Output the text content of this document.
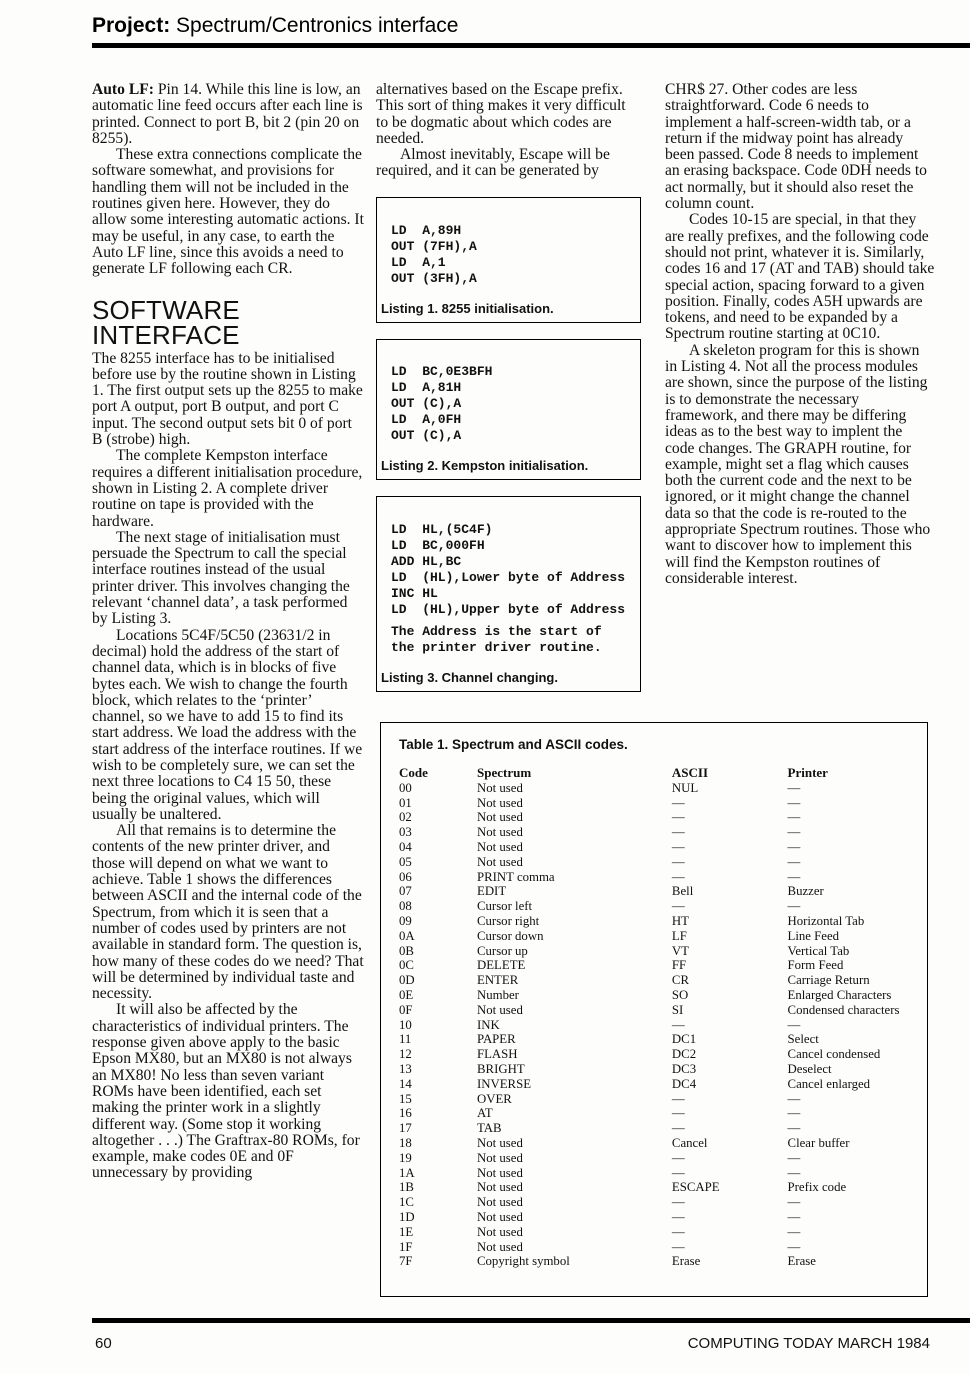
Project: Spectrum/Centronics interface

Auto LF: Pin 14. While this line is low, an automatic line feed occurs after each line is printed. Connect to port B, bit 2 (pin 20 on 8255).

These extra connections complicate the software somewhat, and provisions for handling them will not be included in the routines given here. However, they do allow some interesting automatic actions. It may be useful, in any case, to earth the Auto LF line, since this avoids a need to generate LF following each CR.

SOFTWARE
INTERFACE

The 8255 interface has to be initialised before use by the routine shown in Listing 1. The first output sets up the 8255 to make port A output, port B output, and port C input. The second output sets bit 0 of port B (strobe) high.

The complete Kempston interface requires a different initialisation procedure, shown in Listing 2. A complete driver routine on tape is provided with the hardware.

The next stage of initialisation must persuade the Spectrum to call the special interface routines instead of the usual printer driver. This involves changing the relevant ‘channel data’, a task performed by Listing 3.

Locations 5C4F/5C50 (23631/2 in decimal) hold the address of the start of channel data, which is in blocks of five bytes each. We wish to change the fourth block, which relates to the ‘printer’ channel, so we have to add 15 to find its start address. We load the address with the start address of the interface routines. If we wish to be completely sure, we can set the next three locations to C4 15 50, these being the original values, which will usually be unaltered.

All that remains is to determine the contents of the new printer driver, and those will depend on what we want to achieve. Table 1 shows the differences between ASCII and the internal code of the Spectrum, from which it is seen that a number of codes used by printers are not available in standard form. The question is, how many of these codes do we need? That will be determined by individual taste and necessity.

It will also be affected by the characteristics of individual printers. The response given above apply to the basic Epson MX80, but an MX80 is not always an MX80! No less than seven variant ROMs have been identified, each set making the printer work in a slightly different way. (Some stop it working altogether . . .) The Graftrax-80 ROMs, for example, make codes 0E and 0F unnecessary by providing

alternatives based on the Escape prefix. This sort of thing makes it very difficult to be dogmatic about which codes are needed.

Almost inevitably, Escape will be required, and it can be generated by

LD  A,89H
OUT (7FH),A
LD  A,1
OUT (3FH),A
Listing 1. 8255 initialisation.
LD  BC,0E3BFH
LD  A,81H
OUT (C),A
LD  A,0FH
OUT (C),A
Listing 2. Kempston initialisation.
LD  HL,(5C4F)
LD  BC,000FH
ADD HL,BC
LD  (HL),Lower byte of Address
INC HL
LD  (HL),Upper byte of Address
The Address is the start of
the printer driver routine.
Listing 3. Channel changing.

CHR$ 27. Other codes are less straightforward. Code 6 needs to implement a half-screen-width tab, or a return if the midway point has already been passed. Code 8 needs to implement an erasing backspace. Code 0DH needs to act normally, but it should also reset the column count.

Codes 10-15 are special, in that they are really prefixes, and the following code should not print, whatever it is. Similarly, codes 16 and 17 (AT and TAB) should take special action, spacing forward to a given position. Finally, codes A5H upwards are tokens, and need to be expanded by a Spectrum routine starting at 0C10.

A skeleton program for this is shown in Listing 4. Not all the process modules are shown, since the purpose of the listing is to demonstrate the necessary framework, and there may be differing ideas as to the best way to implent the code changes. The GRAPH routine, for example, might set a flag which causes both the current code and the next to be ignored, or it might change the channel data so that the code is re-routed to the appropriate Spectrum routines. Those who want to discover how to implement this will find the Kempston routines of considerable interest.

Table 1. Spectrum and ASCII codes.
Code	Spectrum	ASCII	Printer
00	Not used	NUL	—
01	Not used	—	—
02	Not used	—	—
03	Not used	—	—
04	Not used	—	—
05	Not used	—	—
06	PRINT comma	—	—
07	EDIT	Bell	Buzzer
08	Cursor left	—	—
09	Cursor right	HT	Horizontal Tab
0A	Cursor down	LF	Line Feed
0B	Cursor up	VT	Vertical Tab
0C	DELETE	FF	Form Feed
0D	ENTER	CR	Carriage Return
0E	Number	SO	Enlarged Characters
0F	Not used	SI	Condensed characters
10	INK	—	—
11	PAPER	DC1	Select
12	FLASH	DC2	Cancel condensed
13	BRIGHT	DC3	Deselect
14	INVERSE	DC4	Cancel enlarged
15	OVER	—	—
16	AT	—	—
17	TAB	—	—
18	Not used	Cancel	Clear buffer
19	Not used	—	—
1A	Not used	—	—
1B	Not used	ESCAPE	Prefix code
1C	Not used	—	—
1D	Not used	—	—
1E	Not used	—	—
1F	Not used	—	—
7F	Copyright symbol	Erase	Erase
60	COMPUTING TODAY MARCH 1984
